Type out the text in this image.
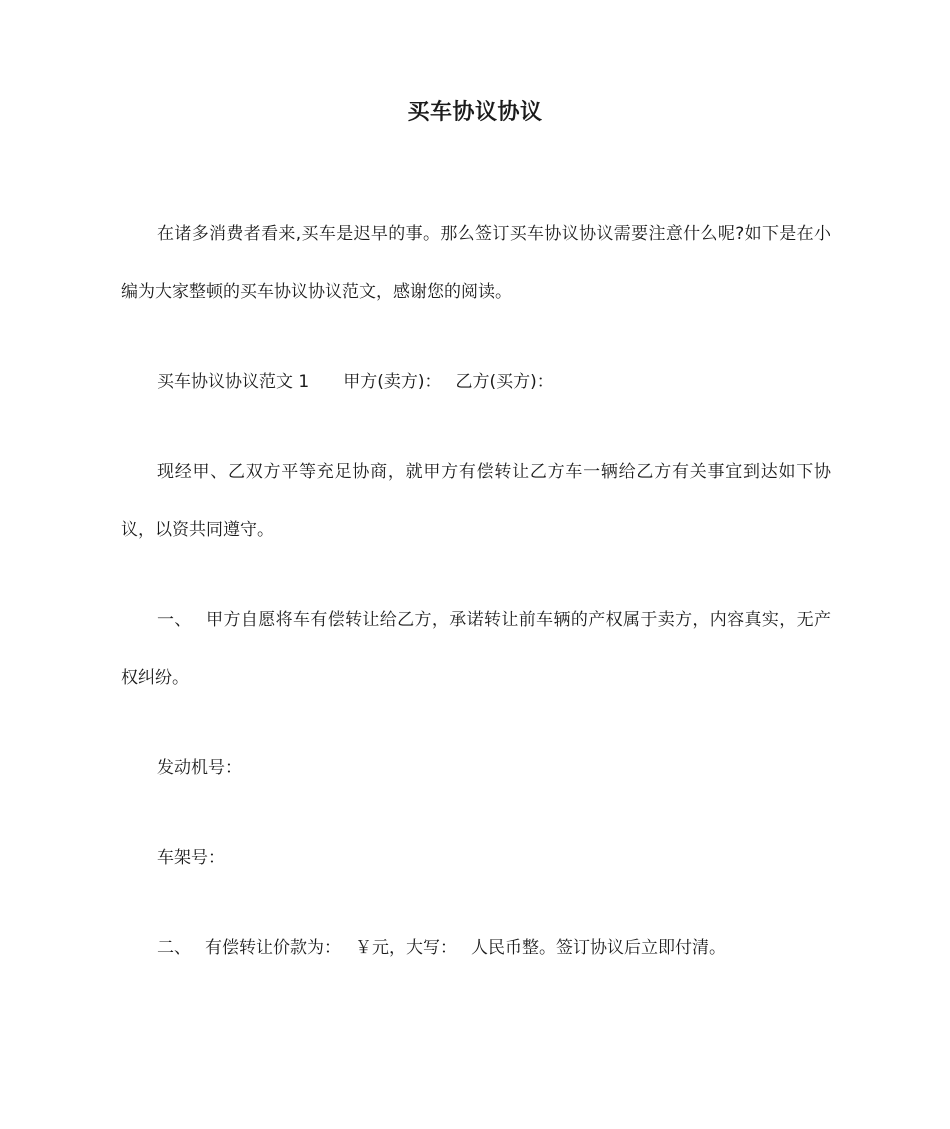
买车协议协议

在诸多消费者看来,买车是迟早的事。那么签订买车协议协议需要注意什么呢?如下是在小编为大家整顿的买车协议协议范文，感谢您的阅读。

买车协议协议范文 1 甲方(卖方)： 乙方(买方)：

现经甲、乙双方平等充足协商，就甲方有偿转让乙方车一辆给乙方有关事宜到达如下协议，以资共同遵守。

一、 甲方自愿将车有偿转让给乙方，承诺转让前车辆的产权属于卖方，内容真实，无产权纠纷。

发动机号：

车架号：

二、 有偿转让价款为： ￥元，大写： 人民币整。签订协议后立即付清。
